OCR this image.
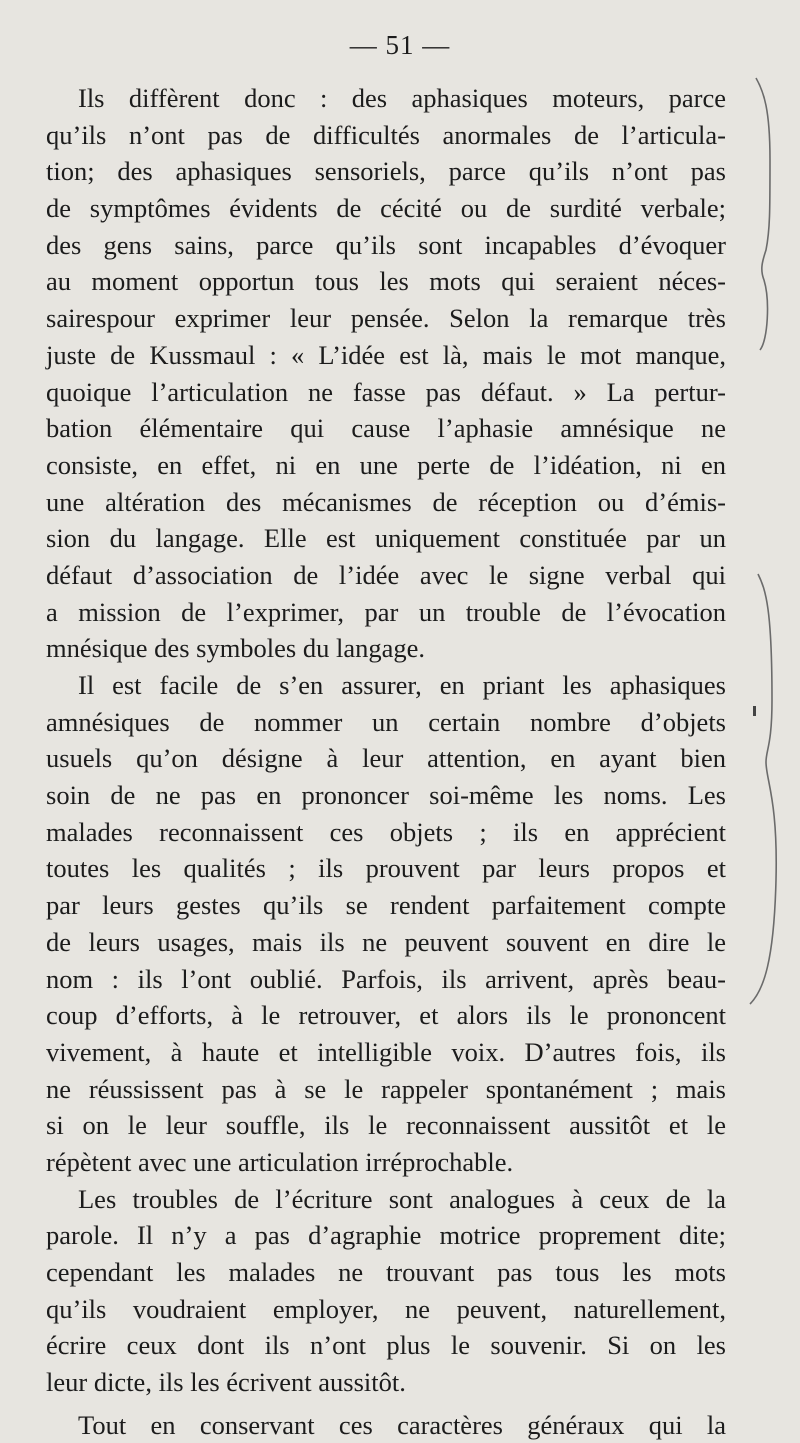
— 51 —
Ils diffèrent donc : des aphasiques moteurs, parce
qu’ils n’ont pas de difficultés anormales de l’articula-
tion; des aphasiques sensoriels, parce qu’ils n’ont pas
de symptômes évidents de cécité ou de surdité verbale;
des gens sains, parce qu’ils sont incapables d’évoquer
au moment opportun tous les mots qui seraient néces-
sairespour exprimer leur pensée. Selon la remarque très
juste de Kussmaul : « L’idée est là, mais le mot manque,
quoique l’articulation ne fasse pas défaut. » La pertur-
bation élémentaire qui cause l’aphasie amnésique ne
consiste, en effet, ni en une perte de l’idéation, ni en
une altération des mécanismes de réception ou d’émis-
sion du langage. Elle est uniquement constituée par un
défaut d’association de l’idée avec le signe verbal qui
a mission de l’exprimer, par un trouble de l’évocation
mnésique des symboles du langage.
Il est facile de s’en assurer, en priant les aphasiques
amnésiques de nommer un certain nombre d’objets
usuels qu’on désigne à leur attention, en ayant bien
soin de ne pas en prononcer soi-même les noms. Les
malades reconnaissent ces objets ; ils en apprécient
toutes les qualités ; ils prouvent par leurs propos et
par leurs gestes qu’ils se rendent parfaitement compte
de leurs usages, mais ils ne peuvent souvent en dire le
nom : ils l’ont oublié. Parfois, ils arrivent, après beau-
coup d’efforts, à le retrouver, et alors ils le prononcent
vivement, à haute et intelligible voix. D’autres fois, ils
ne réussissent pas à se le rappeler spontanément ; mais
si on le leur souffle, ils le reconnaissent aussitôt et le
répètent avec une articulation irréprochable.
Les troubles de l’écriture sont analogues à ceux de la
parole. Il n’y a pas d’agraphie motrice proprement dite;
cependant les malades ne trouvant pas tous les mots
qu’ils voudraient employer, ne peuvent, naturellement,
écrire ceux dont ils n’ont plus le souvenir. Si on les
leur dicte, ils les écrivent aussitôt.
Tout en conservant ces caractères généraux qui la
